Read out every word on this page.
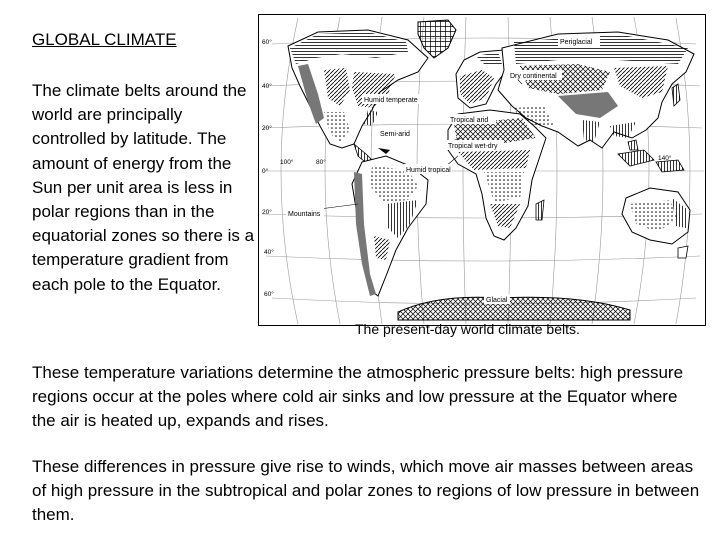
GLOBAL CLIMATE
The climate belts around the world are principally controlled by latitude. The amount of energy from the Sun per unit area is less in polar regions than in the equatorial zones so there is a temperature gradient from each pole to the Equator.
Periglacial
Dry continental
Humid temperate
Tropical arid
Semi-arid
Tropical wet-dry
Humid tropical
Mountains
Glacial
60°
40°
20°
0°
20°
40°
60°
100°	80°
140°
The present-day world climate belts.
These temperature variations determine the atmospheric pressure belts: high pressure regions occur at the poles where cold air sinks and low pressure at the Equator where the air is heated up, expands and rises.
These differences in pressure give rise to winds, which move air masses between areas of high pressure in the subtropical and polar zones to regions of low pressure in between them.
